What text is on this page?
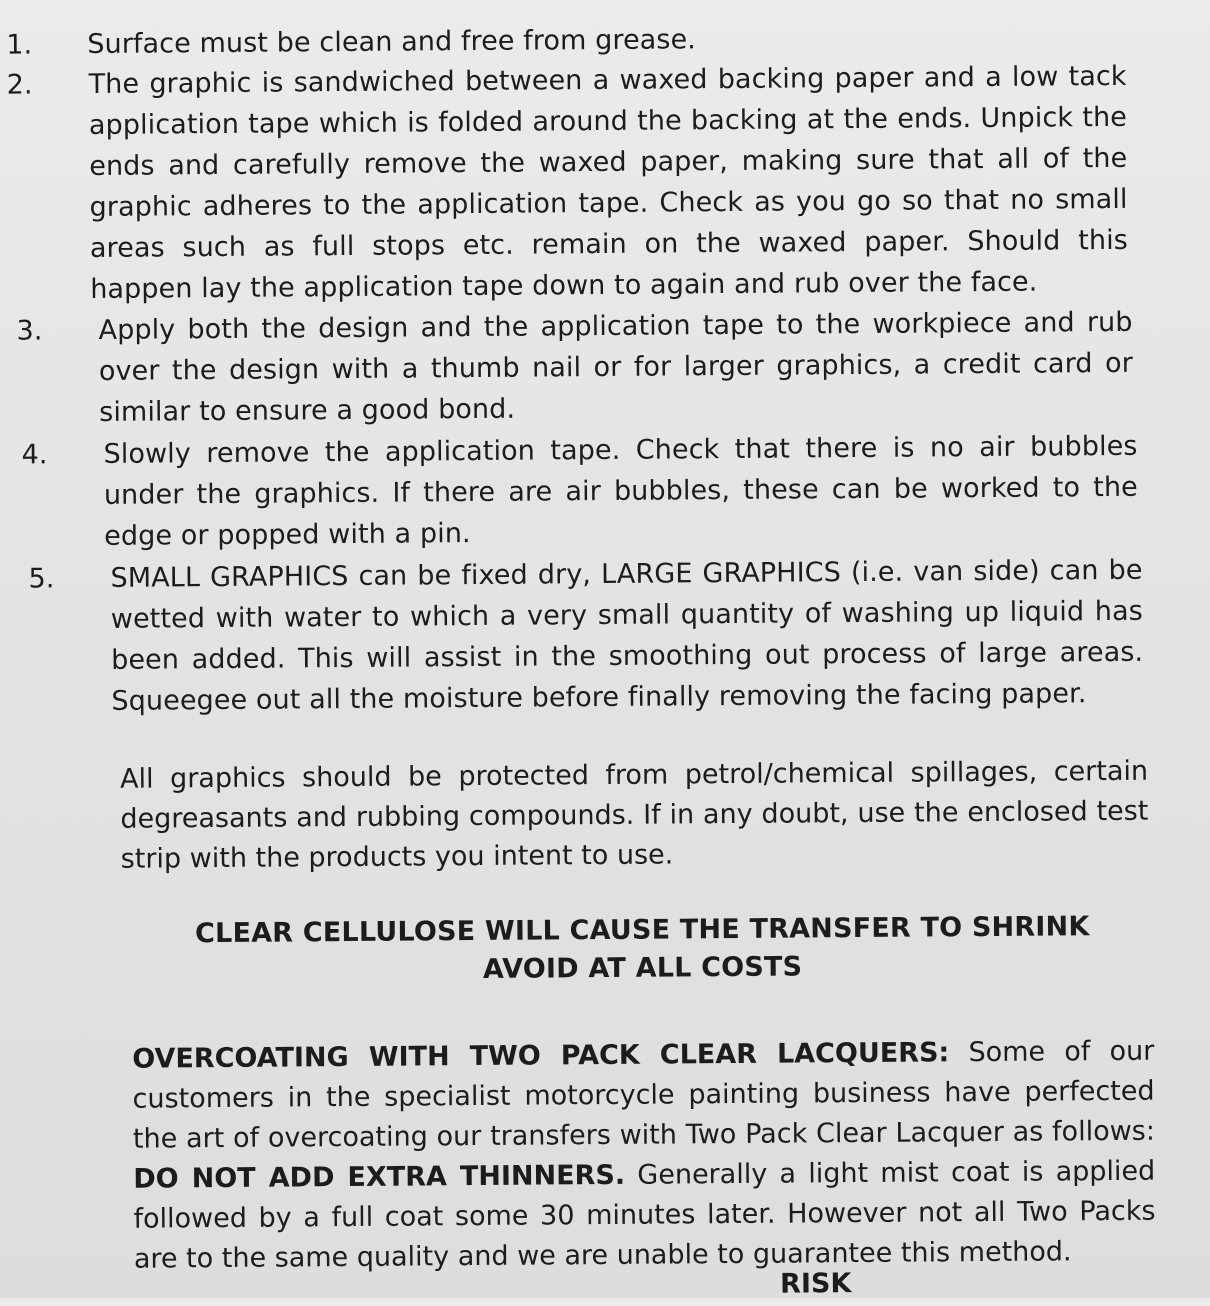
1.	Surface must be clean and free from grease.
2.	The graphic is sandwiched between a waxed backing paper and a low tack application tape which is folded around the backing at the ends. Unpick the ends and carefully remove the waxed paper, making sure that all of the graphic adheres to the application tape. Check as you go so that no small areas such as full stops etc. remain on the waxed paper. Should this happen lay the application tape down to again and rub over the face.
3.	Apply both the design and the application tape to the workpiece and rub over the design with a thumb nail or for larger graphics, a credit card or similar to ensure a good bond.
4.	Slowly remove the application tape. Check that there is no air bubbles under the graphics. If there are air bubbles, these can be worked to the edge or popped with a pin.
5.	SMALL GRAPHICS can be fixed dry, LARGE GRAPHICS (i.e. van side) can be wetted with water to which a very small quantity of washing up liquid has been added. This will assist in the smoothing out process of large areas. Squeegee out all the moisture before finally removing the facing paper.
All graphics should be protected from petrol/chemical spillages, certain degreasants and rubbing compounds. If in any doubt, use the enclosed test strip with the products you intent to use.
CLEAR CELLULOSE WILL CAUSE THE TRANSFER TO SHRINK
AVOID AT ALL COSTS
OVERCOATING WITH TWO PACK CLEAR LACQUERS: Some of our customers in the specialist motorcycle painting business have perfected the art of overcoating our transfers with Two Pack Clear Lacquer as follows: DO NOT ADD EXTRA THINNERS. Generally a light mist coat is applied followed by a full coat some 30 minutes later. However not all Two Packs are to the same quality and we are unable to guarantee this method.
RISK
